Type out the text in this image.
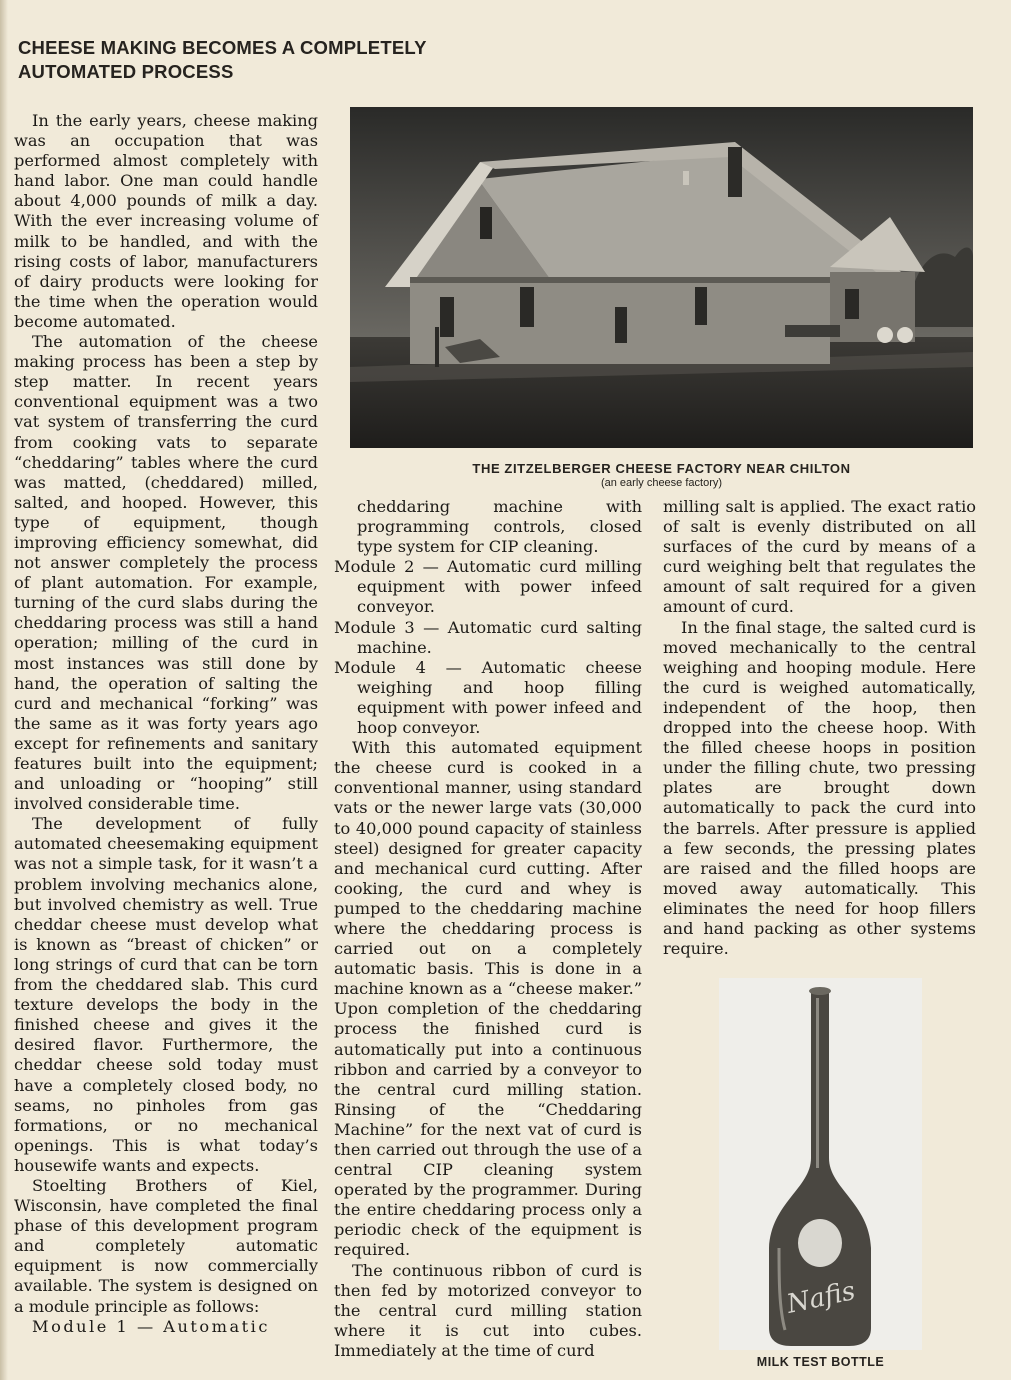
CHEESE MAKING BECOMES A COMPLETELY
AUTOMATED PROCESS

In the early years, cheese making was an occupation that was performed almost completely with hand labor. One man could handle about 4,000 pounds of milk a day. With the ever increasing volume of milk to be handled, and with the rising costs of labor, manufacturers of dairy products were looking for the time when the operation would become automated.

The automation of the cheese making process has been a step by step matter. In recent years conventional equipment was a two vat system of transferring the curd from cooking vats to separate “cheddaring” tables where the curd was matted, (cheddared) milled, salted, and hooped. However, this type of equipment, though improving efficiency somewhat, did not answer completely the process of plant automation. For example, turning of the curd slabs during the cheddaring process was still a hand operation; milling of the curd in most instances was still done by hand, the operation of salting the curd and mechanical “forking” was the same as it was forty years ago except for refinements and sanitary features built into the equipment; and unloading or “hooping” still involved considerable time.

The development of fully automated cheesemaking equipment was not a simple task, for it wasn’t a problem involving mechanics alone, but involved chemistry as well. True cheddar cheese must develop what is known as “breast of chicken” or long strings of curd that can be torn from the cheddared slab. This curd texture develops the body in the finished cheese and gives it the desired flavor. Furthermore, the cheddar cheese sold today must have a completely closed body, no seams, no pinholes from gas formations, or no mechanical openings. This is what today’s housewife wants and expects.

Stoelting Brothers of Kiel, Wisconsin, have completed the final phase of this development program and completely automatic equipment is now commercially available. The system is designed on a module principle as follows:

Module 1 — Automatic

THE ZITZELBERGER CHEESE FACTORY NEAR CHILTON
(an early cheese factory)

cheddaring machine with programming controls, closed type system for CIP cleaning.

Module 2 — Automatic curd milling equipment with power infeed conveyor.

Module 3 — Automatic curd salting machine.

Module 4 — Automatic cheese weighing and hoop filling equipment with power infeed and hoop conveyor.

With this automated equipment the cheese curd is cooked in a conventional manner, using standard vats or the newer large vats (30,000 to 40,000 pound capacity of stainless steel) designed for greater capacity and mechanical curd cutting. After cooking, the curd and whey is pumped to the cheddaring machine where the cheddaring process is carried out on a completely automatic basis. This is done in a machine known as a “cheese maker.” Upon completion of the cheddaring process the finished curd is automatically put into a continuous ribbon and carried by a conveyor to the central curd milling station. Rinsing of the “Cheddaring Machine” for the next vat of curd is then carried out through the use of a central CIP cleaning system operated by the programmer. During the entire cheddaring process only a periodic check of the equipment is required.

The continuous ribbon of curd is then fed by motorized conveyor to the central curd milling station where it is cut into cubes. Immediately at the time of curd

milling salt is applied. The exact ratio of salt is evenly distributed on all surfaces of the curd by means of a curd weighing belt that regulates the amount of salt required for a given amount of curd.

In the final stage, the salted curd is moved mechanically to the central weighing and hooping module. Here the curd is weighed automatically, independent of the hoop, then dropped into the cheese hoop. With the filled cheese hoops in position under the filling chute, two pressing plates are brought down automatically to pack the curd into the barrels. After pressure is applied a few seconds, the pressing plates are raised and the filled hoops are moved away automatically. This eliminates the need for hoop fillers and hand packing as other systems require.

Nafis
MILK TEST BOTTLE
